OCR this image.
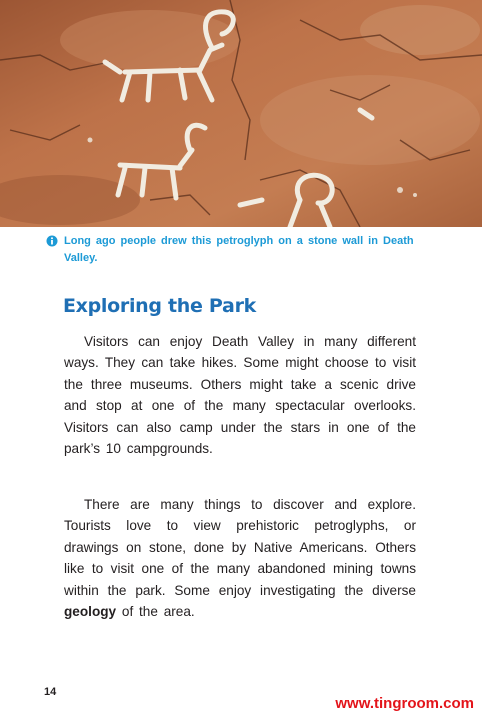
Long ago people drew this petroglyph on a stone wall in Death Valley.
Exploring the Park

Visitors can enjoy Death Valley in many different ways. They can take hikes. Some might choose to visit the three museums. Others might take a scenic drive and stop at one of the many spectacular overlooks. Visitors can also camp under the stars in one of the park’s 10 campgrounds.

There are many things to discover and explore. Tourists love to view prehistoric petroglyphs, or drawings on stone, done by Native Americans. Others like to visit one of the many abandoned mining towns within the park. Some enjoy investigating the diverse geology of the area.

14
www.tingroom.com
